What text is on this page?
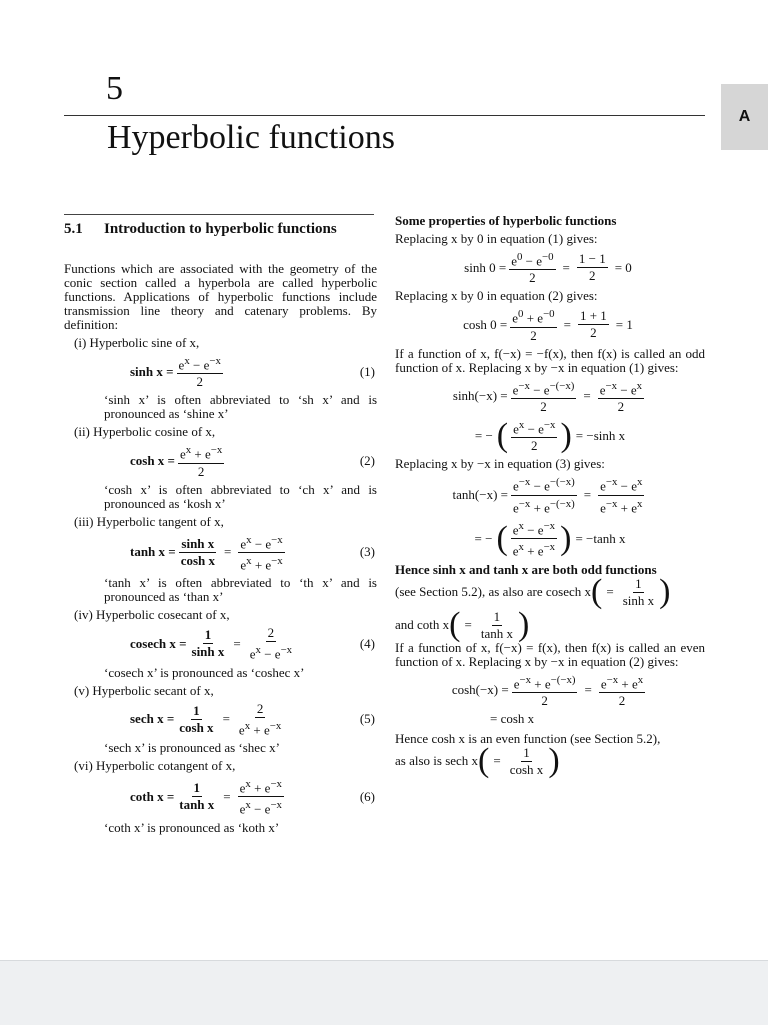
5
Hyperbolic functions
A
5.1	Introduction to hyperbolic functions

Functions which are associated with the geometry of the conic section called a hyperbola are called hyperbolic functions. Applications of hyperbolic functions include transmission line theory and catenary problems. By definition:

(i) Hyperbolic sine of x,
$\sinh x = \frac{e^x - e^{-x}}{2}$	(1)
‘sinh x’ is often abbreviated to ‘sh x’ and is pronounced as ‘shine x’
(ii) Hyperbolic cosine of x,
$\cosh x = \frac{e^x + e^{-x}}{2}$	(2)
‘cosh x’ is often abbreviated to ‘ch x’ and is pronounced as ‘kosh x’
(iii) Hyperbolic tangent of x,
$\tanh x = \frac{\text{sinh x}}{\text{cosh x}} = \frac{e^x - e^{-x}}{e^x + e^{-x}}$	(3)
‘tanh x’ is often abbreviated to ‘th x’ and is pronounced as ‘than x’
(iv) Hyperbolic cosecant of x,
cosech $x = \frac{1}{\text{sinh x}} = \frac{2}{e^x - e^{-x}}$	(4)
‘cosech x’ is pronounced as ‘coshec x’
(v) Hyperbolic secant of x,
sech $x = \frac{1}{\text{cosh x}} = \frac{2}{e^x + e^{-x}}$	(5)
‘sech x’ is pronounced as ‘shec x’
(vi) Hyperbolic cotangent of x,
coth $x = \frac{1}{\text{tanh x}} = \frac{e^x + e^{-x}}{e^x - e^{-x}}$	(6)
‘coth x’ is pronounced as ‘koth x’
Some properties of hyperbolic functions

Replacing x by 0 in equation (1) gives:

$\sinh 0 = \frac{e^0 - e^{-0}}{2} = \frac{1 - 1}{2} = 0$

Replacing x by 0 in equation (2) gives:

$\cosh 0 = \frac{e^0 + e^{-0}}{2} = \frac{1 + 1}{2} = 1$

If a function of x, f(−x) = −f(x), then f(x) is called an odd function of x. Replacing x by −x in equation (1) gives:

$\sinh(-x) = \frac{e^{-x} - e^{-(-x)}}{2} = \frac{e^{-x} - e^x}{2}$
= − ( $\frac{e^x - e^{-x}}{2}$ ) = −sinh x

Replacing x by −x in equation (3) gives:

$\tanh(-x) = \frac{e^{-x} - e^{-(-x)}}{e^{-x} + e^{-(-x)}} = \frac{e^{-x} - e^x}{e^{-x} + e^x}$
= − ( $\frac{e^x - e^{-x}}{e^x + e^{-x}}$ ) = −tanh x

Hence sinh x and tanh x are both odd functions

(see Section 5.2), as also are cosech x ( = $\frac{1}{\text{sinh x}}$ )
and coth x ( = $\frac{1}{\text{tanh x}}$ )

If a function of x, f(−x) = f(x), then f(x) is called an even function of x. Replacing x by −x in equation (2) gives:

$\cosh(-x) = \frac{e^{-x} + e^{-(-x)}}{2} = \frac{e^{-x} + e^x}{2}$
= cosh x

Hence cosh x is an even function (see Section 5.2),

as also is sech x ( = $\frac{1}{\text{cosh x}}$ )
